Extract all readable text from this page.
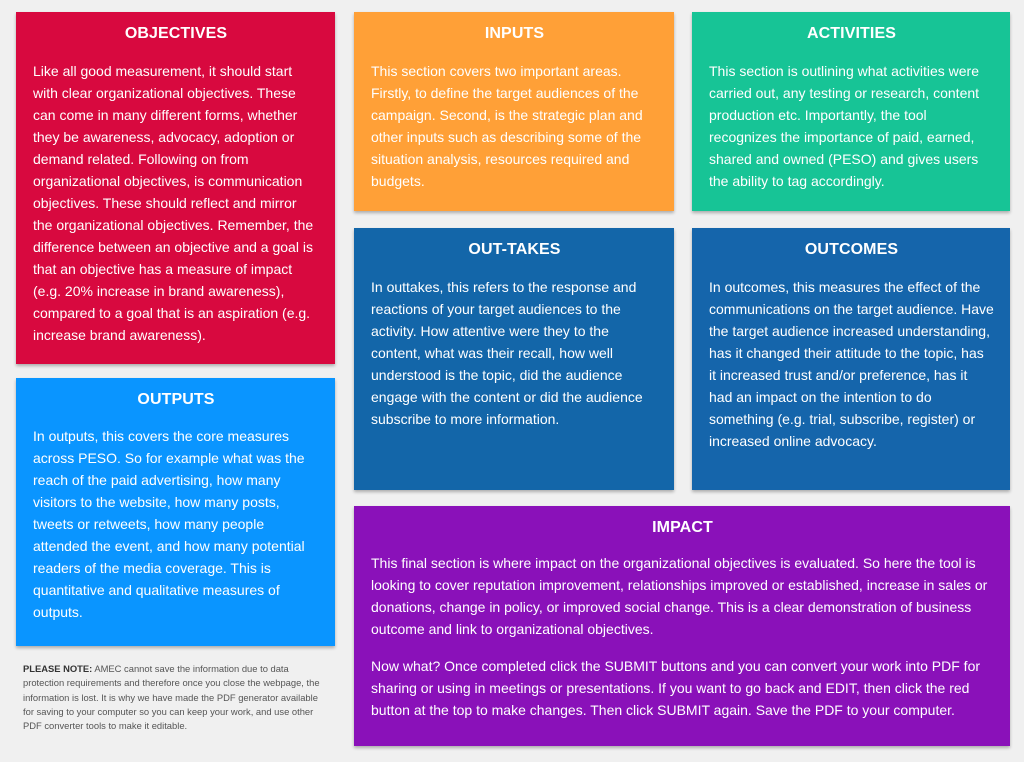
OBJECTIVES

Like all good measurement, it should start with clear organizational objectives. These can come in many different forms, whether they be awareness, advocacy, adoption or demand related. Following on from organizational objectives, is communication objectives. These should reflect and mirror the organizational objectives. Remember, the difference between an objective and a goal is that an objective has a measure of impact (e.g. 20% increase in brand awareness), compared to a goal that is an aspiration (e.g. increase brand awareness).

INPUTS

This section covers two important areas. Firstly, to define the target audiences of the campaign. Second, is the strategic plan and other inputs such as describing some of the situation analysis, resources required and budgets.

ACTIVITIES

This section is outlining what activities were carried out, any testing or research, content production etc. Importantly, the tool recognizes the importance of paid, earned, shared and owned (PESO) and gives users the ability to tag accordingly.

OUT-TAKES

In outtakes, this refers to the response and reactions of your target audiences to the activity. How attentive were they to the content, what was their recall, how well understood is the topic, did the audience engage with the content or did the audience subscribe to more information.

OUTCOMES

In outcomes, this measures the effect of the communications on the target audience. Have the target audience increased understanding, has it changed their attitude to the topic, has it increased trust and/or preference, has it had an impact on the intention to do something (e.g. trial, subscribe, register) or increased online advocacy.

OUTPUTS

In outputs, this covers the core measures across PESO. So for example what was the reach of the paid advertising, how many visitors to the website, how many posts, tweets or retweets, how many people attended the event, and how many potential readers of the media coverage. This is quantitative and qualitative measures of outputs.

IMPACT

This final section is where impact on the organizational objectives is evaluated. So here the tool is looking to cover reputation improvement, relationships improved or established, increase in sales or donations, change in policy, or improved social change. This is a clear demonstration of business outcome and link to organizational objectives.

Now what? Once completed click the SUBMIT buttons and you can convert your work into PDF for sharing or using in meetings or presentations. If you want to go back and EDIT, then click the red button at the top to make changes. Then click SUBMIT again. Save the PDF to your computer.

PLEASE NOTE: AMEC cannot save the information due to data protection requirements and therefore once you close the webpage, the information is lost. It is why we have made the PDF generator available for saving to your computer so you can keep your work, and use other PDF converter tools to make it editable.
